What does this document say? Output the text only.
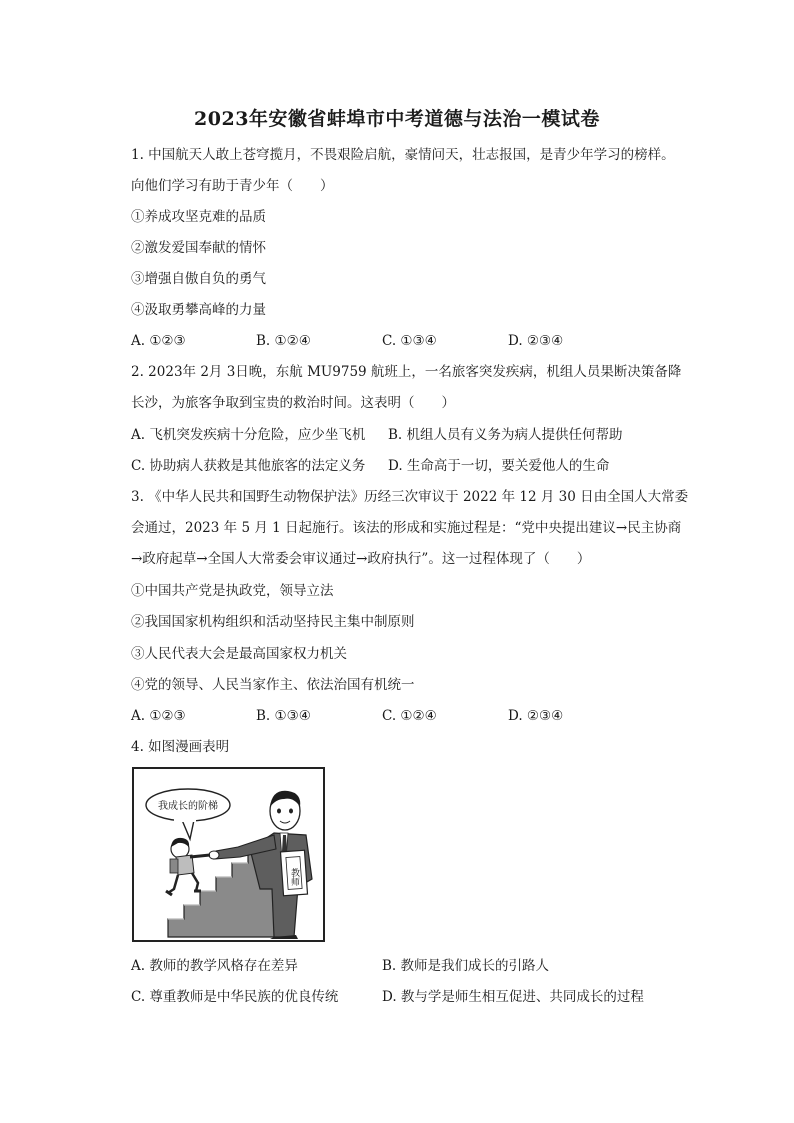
2023年安徽省蚌埠市中考道德与法治一模试卷
1. 中国航天人敢上苍穹揽月，不畏艰险启航，豪情问天，壮志报国，是青少年学习的榜样。
向他们学习有助于青少年（　　）
①养成攻坚克难的品质
②激发爱国奉献的情怀
③增强自傲自负的勇气
④汲取勇攀高峰的力量
A. ①②③	B. ①②④	C. ①③④	D. ②③④
2. 2023年 2月 3日晚，东航 MU9759 航班上，一名旅客突发疾病，机组人员果断决策备降
长沙，为旅客争取到宝贵的救治时间。这表明（　　）
A. 飞机突发疾病十分危险，应少坐飞机 B. 机组人员有义务为病人提供任何帮助
C. 协助病人获救是其他旅客的法定义务 D. 生命高于一切，要关爱他人的生命
3. 《中华人民共和国野生动物保护法》历经三次审议于 2022 年 12 月 30 日由全国人大常委
会通过，2023 年 5 月 1 日起施行。该法的形成和实施过程是：“党中央提出建议→民主协商
→政府起草→全国人大常委会审议通过→政府执行”。这一过程体现了（　　）
①中国共产党是执政党，领导立法
②我国国家机构组织和活动坚持民主集中制原则
③人民代表大会是最高国家权力机关
④党的领导、人民当家作主、依法治国有机统一
A. ①②③	B. ①③④	C. ①②④	D. ②③④
4. 如图漫画表明
我成长的阶梯
教师
A. 教师的教学风格存在差异	B. 教师是我们成长的引路人
C. 尊重教师是中华民族的优良传统	D. 教与学是师生相互促进、共同成长的过程
